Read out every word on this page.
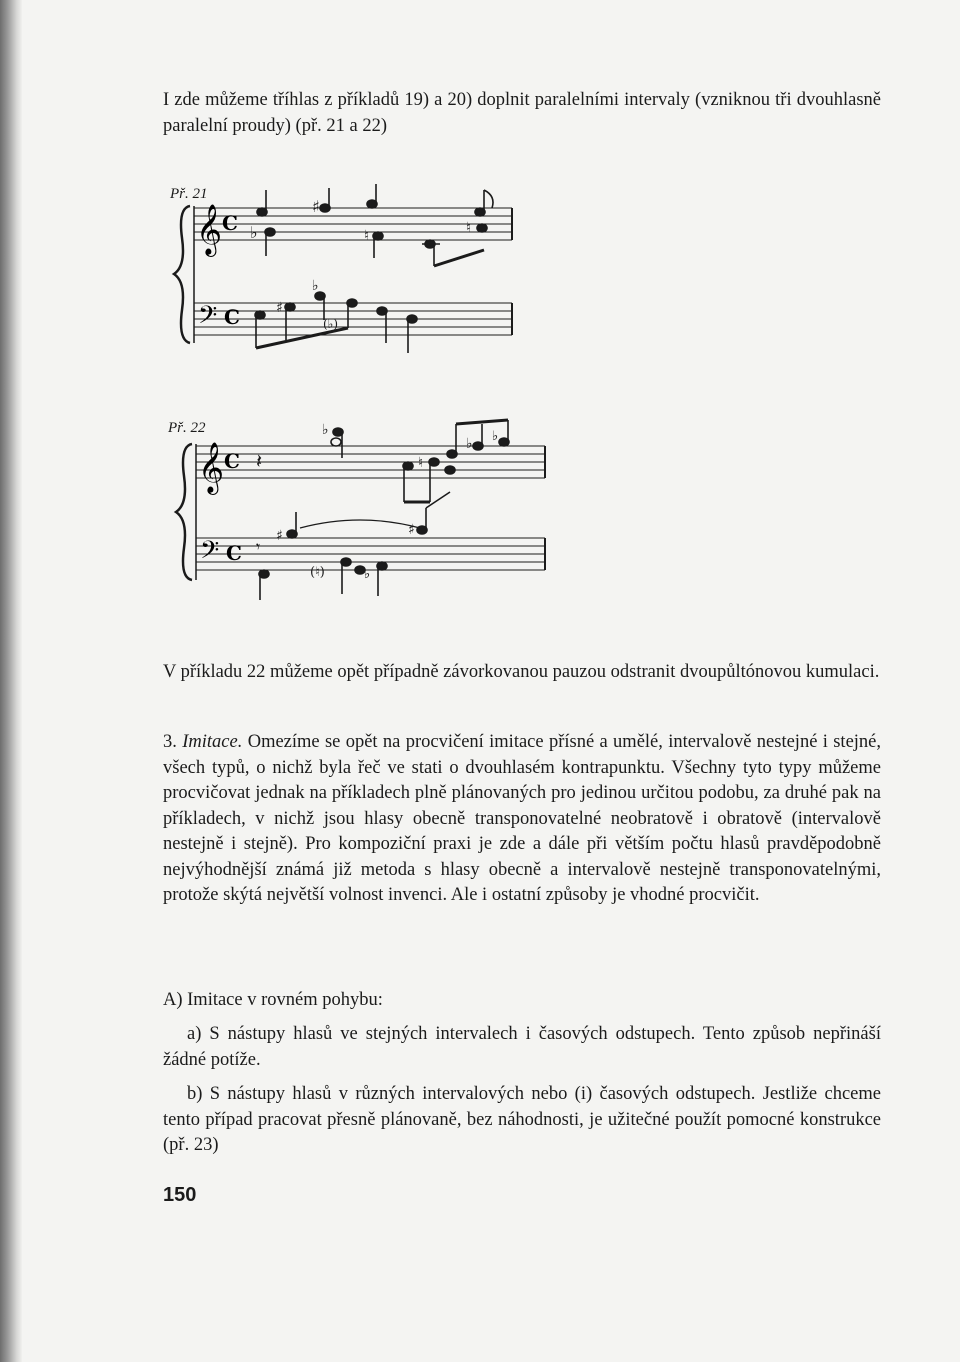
I zde můžeme tříhlas z příkladů 19) a 20) doplnit paralelními intervaly (vzniknou tři dvouhlasně paralelní proudy) (př. 21 a 22)

Př. 21
𝄞 C
𝄢 C
♭
♯
♮	♮
♯
♭
(♭)
Př. 22
𝄞 C
𝄢 C
𝄽
♭
♮
♭ ♭
𝄾
♯
(♮)	♭
♯

V příkladu 22 můžeme opět případně závorkovanou pauzou odstranit dvoupůltónovou kumulaci.

3. Imitace. Omezíme se opět na procvičení imitace přísné a umělé, intervalově nestejné i stejné, všech typů, o nichž byla řeč ve stati o dvouhlasém kontrapunktu. Všechny tyto typy můžeme procvičovat jednak na příkladech plně plánovaných pro jedinou určitou podobu, za druhé pak na příkladech, v nichž jsou hlasy obecně transponovatelné neobratově i obratově (intervalově nestejně i stejně). Pro kompoziční praxi je zde a dále při větším počtu hlasů pravděpodobně nejvýhodnější známá již metoda s hlasy obecně a intervalově nestejně transponovatelnými, protože skýtá největší volnost invenci. Ale i ostatní způsoby je vhodné procvičit.

A) Imitace v rovném pohybu:

a) S nástupy hlasů ve stejných intervalech i časových odstupech. Tento způsob nepřináší žádné potíže.

b) S nástupy hlasů v různých intervalových nebo (i) časových odstupech. Jestliže chceme tento případ pracovat přesně plánovaně, bez náhodnosti, je užitečné použít pomocné konstrukce (př. 23)

150
